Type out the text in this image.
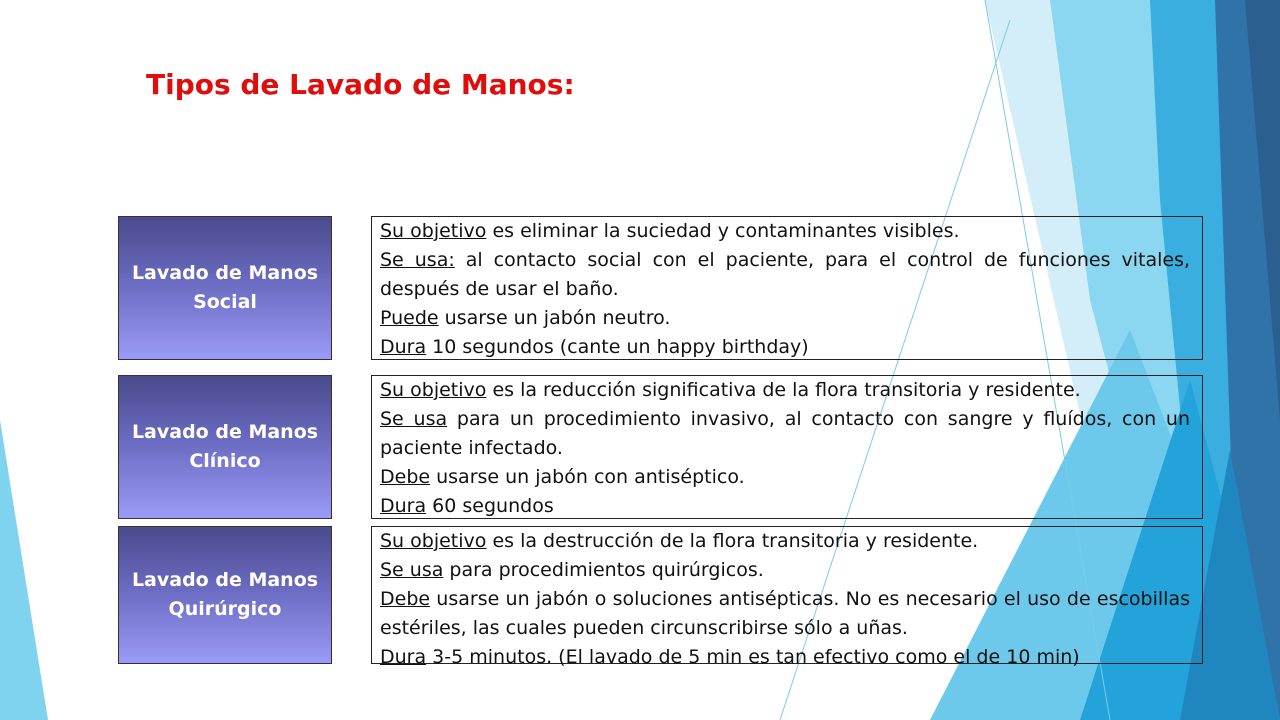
Tipos de Lavado de Manos:
Lavado de Manos
Social

Su objetivo es eliminar la suciedad y contaminantes visibles.

Se usa: al contacto social con el paciente, para el control de funciones vitales, después de usar el baño.

Puede usarse un jabón neutro.

Dura 10 segundos (cante un happy birthday)

Lavado de Manos
Clínico

Su objetivo es la reducción significativa de la flora transitoria y residente.

Se usa para un procedimiento invasivo, al contacto con sangre y fluídos, con un paciente infectado.

Debe usarse un jabón con antiséptico.

Dura 60 segundos

Lavado de Manos
Quirúrgico

Su objetivo es la destrucción de la flora transitoria y residente.

Se usa para procedimientos quirúrgicos.

Debe usarse un jabón o soluciones antisépticas. No es necesario el uso de escobillas estériles, las cuales pueden circunscribirse sólo a uñas.

Dura 3-5 minutos. (El lavado de 5 min es tan efectivo como el de 10 min)
